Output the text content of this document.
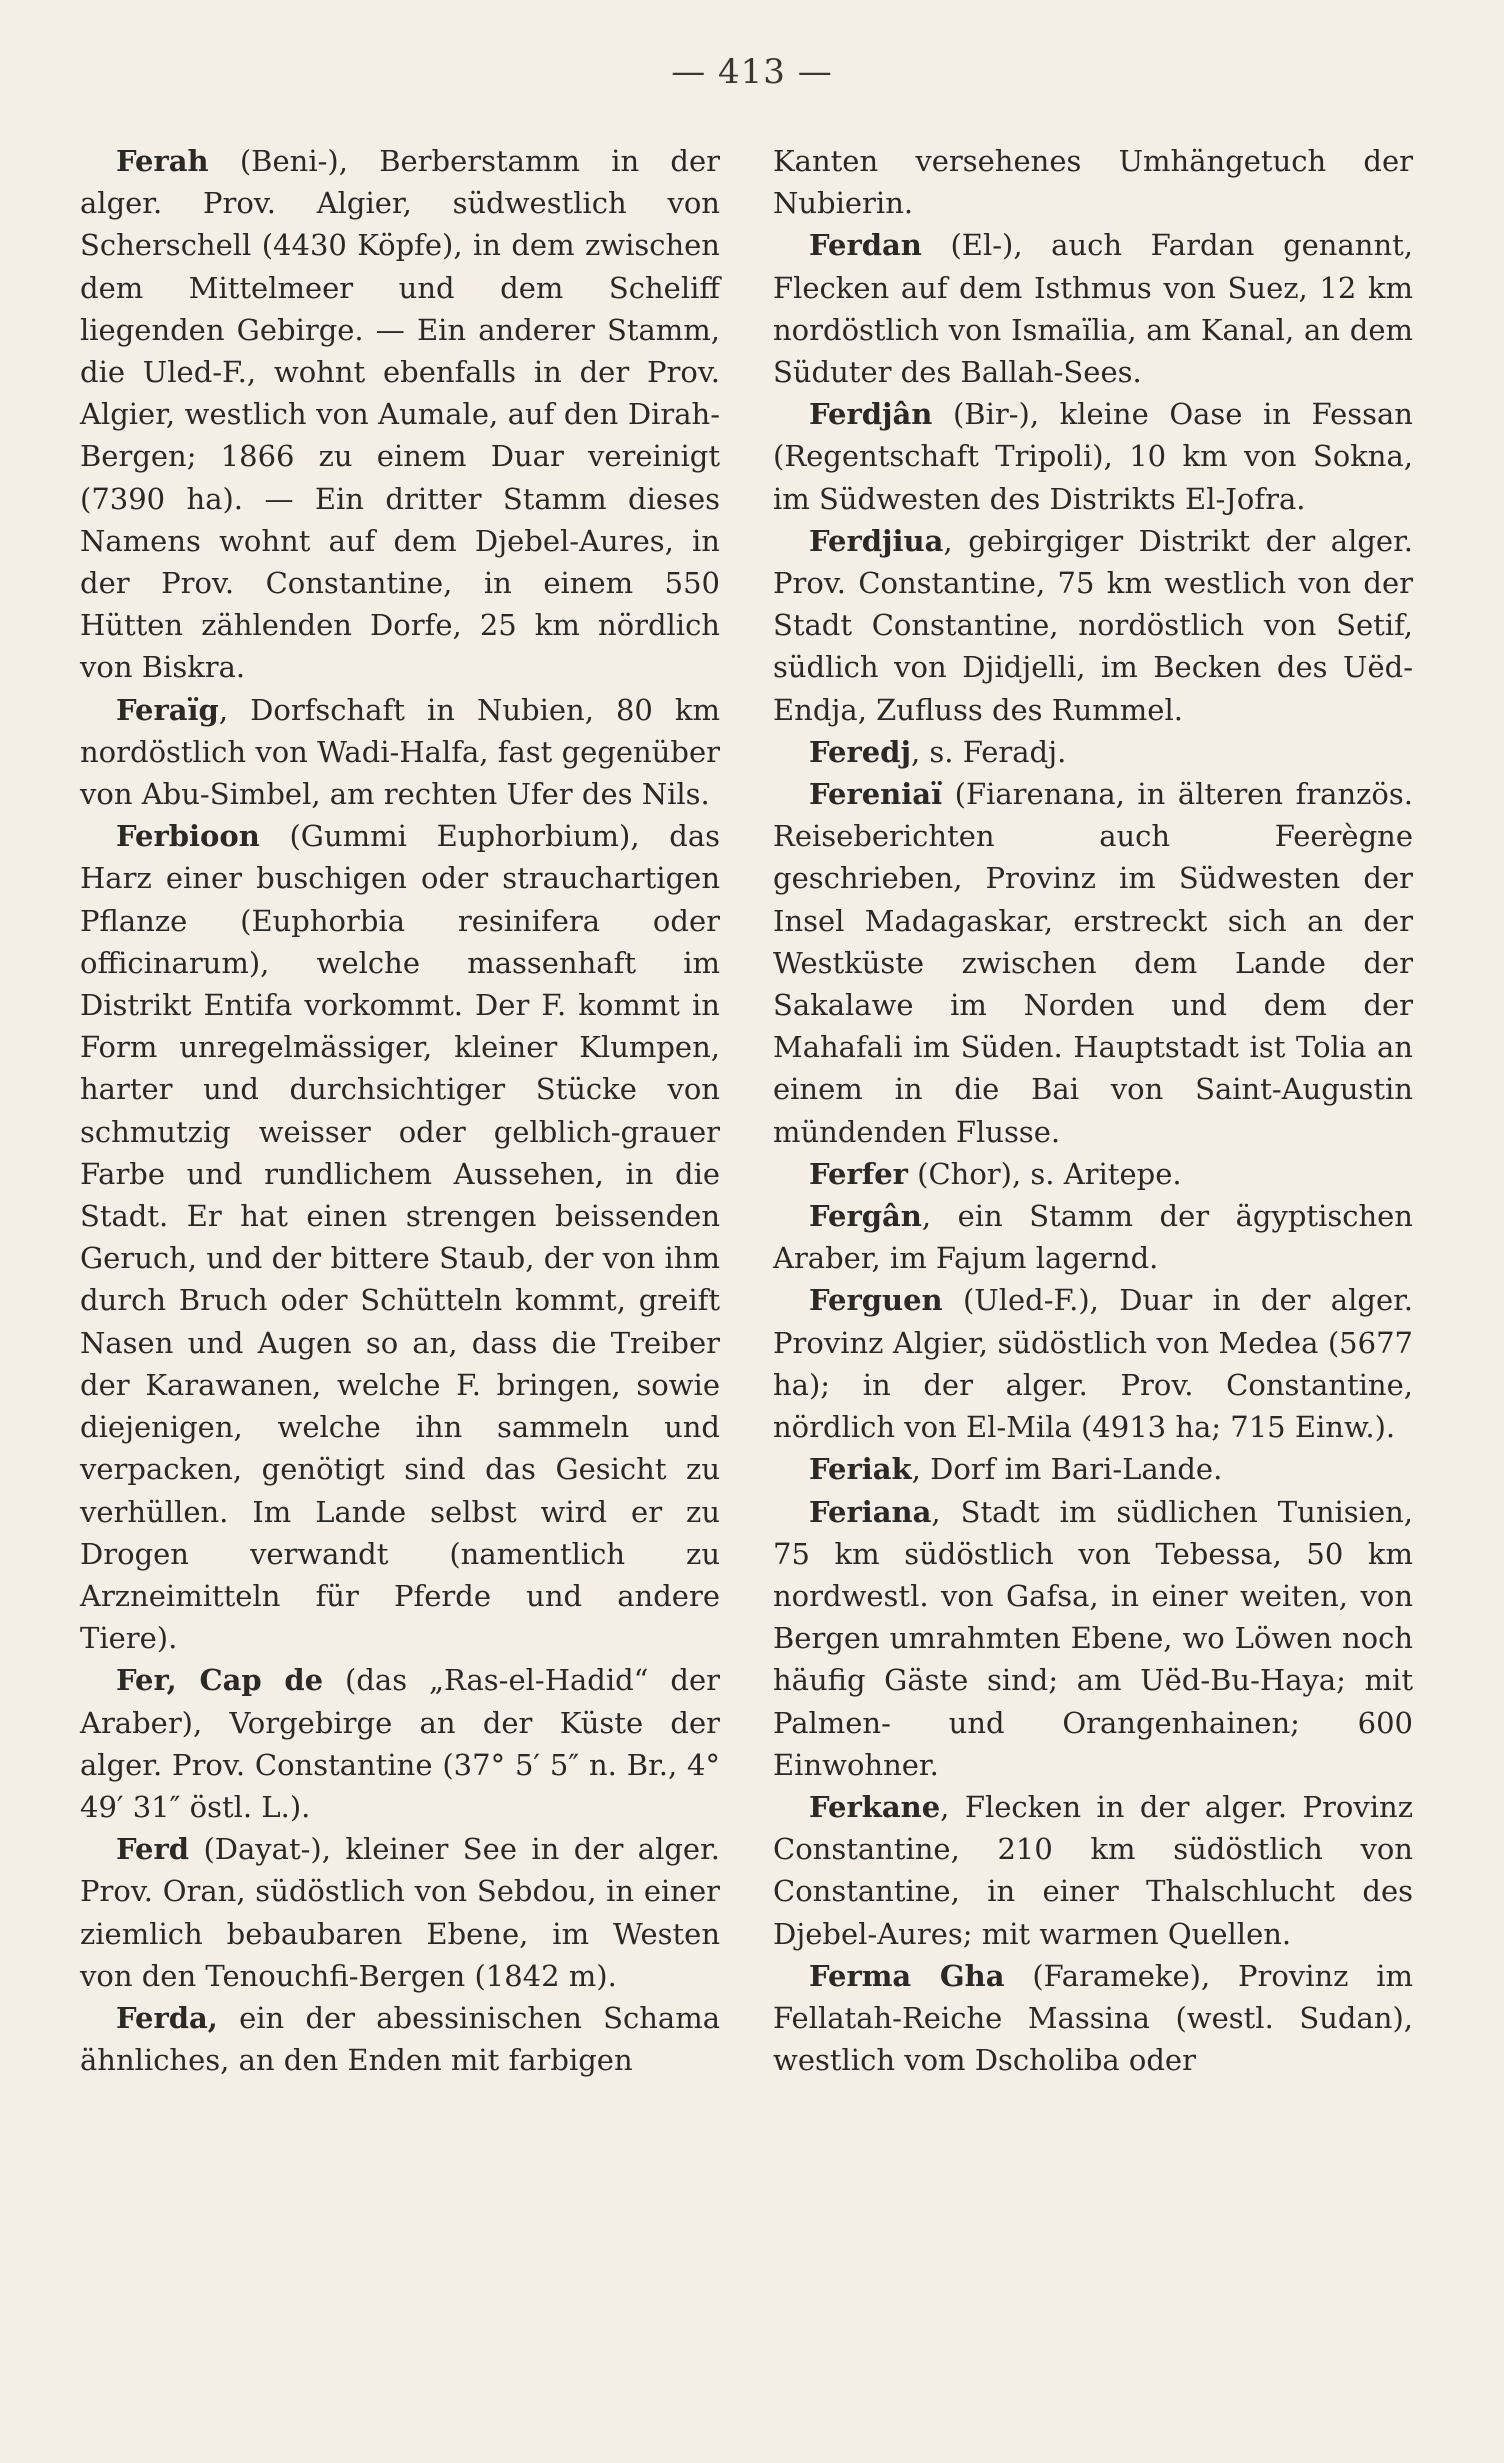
— 413 —

Ferah (Beni-), Berberstamm in der alger. Prov. Algier, südwestlich von Scherschell (4430 Köpfe), in dem zwischen dem Mittelmeer und dem Scheliff liegenden Gebirge. — Ein anderer Stamm, die Uled-F., wohnt ebenfalls in der Prov. Algier, westlich von Aumale, auf den Dirah-Bergen; 1866 zu einem Duar vereinigt (7390 ha). — Ein dritter Stamm dieses Namens wohnt auf dem Djebel-Aures, in der Prov. Constantine, in einem 550 Hütten zählenden Dorfe, 25 km nördlich von Biskra.

Feraïg, Dorfschaft in Nubien, 80 km nordöstlich von Wadi-Halfa, fast gegenüber von Abu-Simbel, am rechten Ufer des Nils.

Ferbioon (Gummi Euphorbium), das Harz einer buschigen oder strauchartigen Pflanze (Euphorbia resinifera oder officinarum), welche massenhaft im Distrikt Entifa vorkommt. Der F. kommt in Form unregelmässiger, kleiner Klumpen, harter und durchsichtiger Stücke von schmutzig weisser oder gelblich-grauer Farbe und rundlichem Aussehen, in die Stadt. Er hat einen strengen beissenden Geruch, und der bittere Staub, der von ihm durch Bruch oder Schütteln kommt, greift Nasen und Augen so an, dass die Treiber der Karawanen, welche F. bringen, sowie diejenigen, welche ihn sammeln und verpacken, genötigt sind das Gesicht zu verhüllen. Im Lande selbst wird er zu Drogen verwandt (namentlich zu Arzneimitteln für Pferde und andere Tiere).

Fer, Cap de (das „Ras-el-Hadid“ der Araber), Vorgebirge an der Küste der alger. Prov. Constantine (37° 5′ 5″ n. Br., 4° 49′ 31″ östl. L.).

Ferd (Dayat-), kleiner See in der alger. Prov. Oran, südöstlich von Sebdou, in einer ziemlich bebaubaren Ebene, im Westen von den Tenouchfi-Bergen (1842 m).

Ferda, ein der abessinischen Schama ähnliches, an den Enden mit farbigen

Kanten versehenes Umhängetuch der Nubierin.

Ferdan (El-), auch Fardan genannt, Flecken auf dem Isthmus von Suez, 12 km nordöstlich von Ismaïlia, am Kanal, an dem Süduter des Ballah-Sees.

Ferdjân (Bir-), kleine Oase in Fessan (Regentschaft Tripoli), 10 km von Sokna, im Südwesten des Distrikts El-Jofra.

Ferdjiua, gebirgiger Distrikt der alger. Prov. Constantine, 75 km westlich von der Stadt Constantine, nordöstlich von Setif, südlich von Djidjelli, im Becken des Uëd-Endja, Zufluss des Rummel.

Feredj, s. Feradj.

Fereniaï (Fiarenana, in älteren französ. Reiseberichten auch Feerègne geschrieben, Provinz im Südwesten der Insel Madagaskar, erstreckt sich an der Westküste zwischen dem Lande der Sakalawe im Norden und dem der Mahafali im Süden. Hauptstadt ist Tolia an einem in die Bai von Saint-Augustin mündenden Flusse.

Ferfer (Chor), s. Aritepe.

Fergân, ein Stamm der ägyptischen Araber, im Fajum lagernd.

Ferguen (Uled-F.), Duar in der alger. Provinz Algier, südöstlich von Medea (5677 ha); in der alger. Prov. Constantine, nördlich von El-Mila (4913 ha; 715 Einw.).

Feriak, Dorf im Bari-Lande.

Feriana, Stadt im südlichen Tunisien, 75 km südöstlich von Tebessa, 50 km nordwestl. von Gafsa, in einer weiten, von Bergen umrahmten Ebene, wo Löwen noch häufig Gäste sind; am Uëd-Bu-Haya; mit Palmen- und Orangenhainen; 600 Einwohner.

Ferkane, Flecken in der alger. Provinz Constantine, 210 km südöstlich von Constantine, in einer Thalschlucht des Djebel-Aures; mit warmen Quellen.

Ferma Gha (Farameke), Provinz im Fellatah-Reiche Massina (westl. Sudan), westlich vom Dscholiba oder
